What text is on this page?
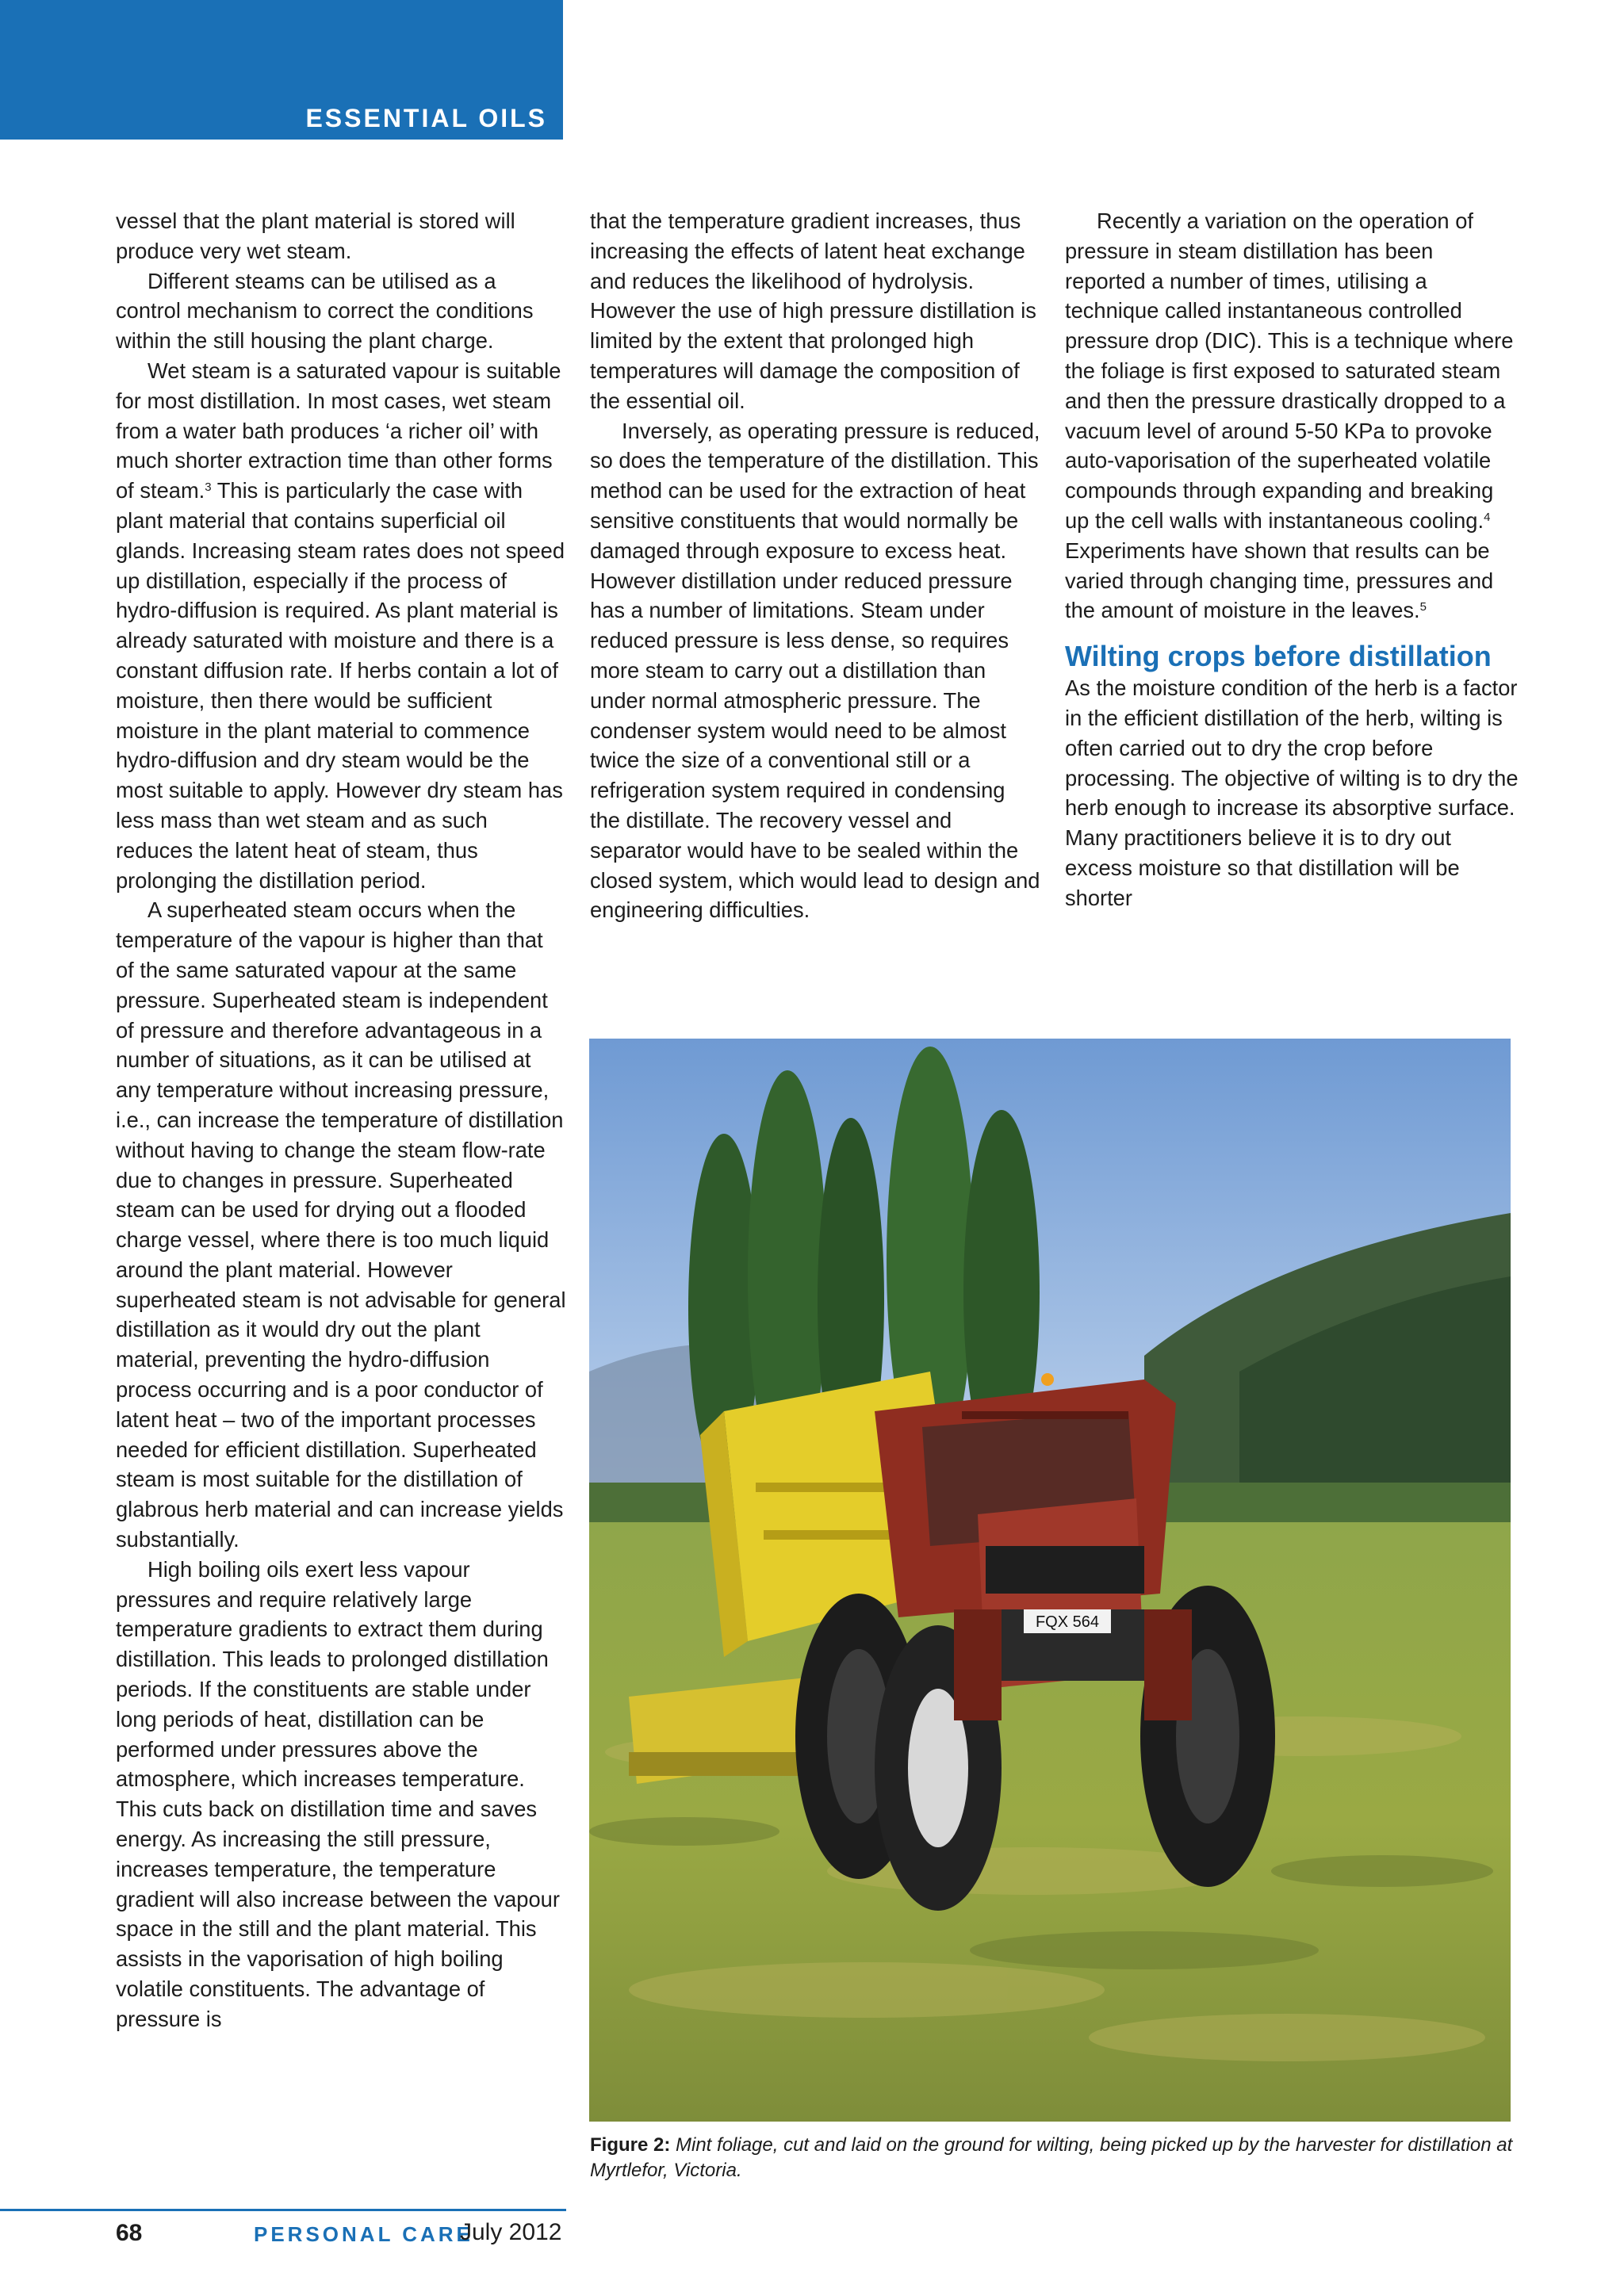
ESSENTIAL OILS

vessel that the plant material is stored will produce very wet steam.

Different steams can be utilised as a control mechanism to correct the conditions within the still housing the plant charge.

Wet steam is a saturated vapour is suitable for most distillation. In most cases, wet steam from a water bath produces ‘a richer oil’ with much shorter extraction time than other forms of steam.$^3$ This is particularly the case with plant material that contains superficial oil glands. Increasing steam rates does not speed up distillation, especially if the process of hydro-diffusion is required. As plant material is already saturated with moisture and there is a constant diffusion rate. If herbs contain a lot of moisture, then there would be sufficient moisture in the plant material to commence hydro-diffusion and dry steam would be the most suitable to apply. However dry steam has less mass than wet steam and as such reduces the latent heat of steam, thus prolonging the distillation period.

A superheated steam occurs when the temperature of the vapour is higher than that of the same saturated vapour at the same pressure. Superheated steam is independent of pressure and therefore advantageous in a number of situations, as it can be utilised at any temperature without increasing pressure, i.e., can increase the temperature of distillation without having to change the steam flow-rate due to changes in pressure. Superheated steam can be used for drying out a flooded charge vessel, where there is too much liquid around the plant material. However superheated steam is not advisable for general distillation as it would dry out the plant material, preventing the hydro-diffusion process occurring and is a poor conductor of latent heat – two of the important processes needed for efficient distillation. Superheated steam is most suitable for the distillation of glabrous herb material and can increase yields substantially.

High boiling oils exert less vapour pressures and require relatively large temperature gradients to extract them during distillation. This leads to prolonged distillation periods. If the constituents are stable under long periods of heat, distillation can be performed under pressures above the atmosphere, which increases temperature. This cuts back on distillation time and saves energy. As increasing the still pressure, increases temperature, the temperature gradient will also increase between the vapour space in the still and the plant material. This assists in the vaporisation of high boiling volatile constituents. The advantage of pressure is

that the temperature gradient increases, thus increasing the effects of latent heat exchange and reduces the likelihood of hydrolysis. However the use of high pressure distillation is limited by the extent that prolonged high temperatures will damage the composition of the essential oil.

Inversely, as operating pressure is reduced, so does the temperature of the distillation. This method can be used for the extraction of heat sensitive constituents that would normally be damaged through exposure to excess heat. However distillation under reduced pressure has a number of limitations. Steam under reduced pressure is less dense, so requires more steam to carry out a distillation than under normal atmospheric pressure. The condenser system would need to be almost twice the size of a conventional still or a refrigeration system required in condensing the distillate. The recovery vessel and separator would have to be sealed within the closed system, which would lead to design and engineering difficulties.

Recently a variation on the operation of pressure in steam distillation has been reported a number of times, utilising a technique called instantaneous controlled pressure drop (DIC). This is a technique where the foliage is first exposed to saturated steam and then the pressure drastically dropped to a vacuum level of around 5-50 KPa to provoke auto-vaporisation of the superheated volatile compounds through expanding and breaking up the cell walls with instantaneous cooling.$^4$ Experiments have shown that results can be varied through changing time, pressures and the amount of moisture in the leaves.$^5$

Wilting crops before distillation

As the moisture condition of the herb is a factor in the efficient distillation of the herb, wilting is often carried out to dry the crop before processing. The objective of wilting is to dry the herb enough to increase its absorptive surface. Many practitioners believe it is to dry out excess moisture so that distillation will be shorter

FQX 564
Figure 2: Mint foliage, cut and laid on the ground for wilting, being picked up by the harvester for distillation at Myrtlefor, Victoria.
68	PERSONAL CARE
July 2012
